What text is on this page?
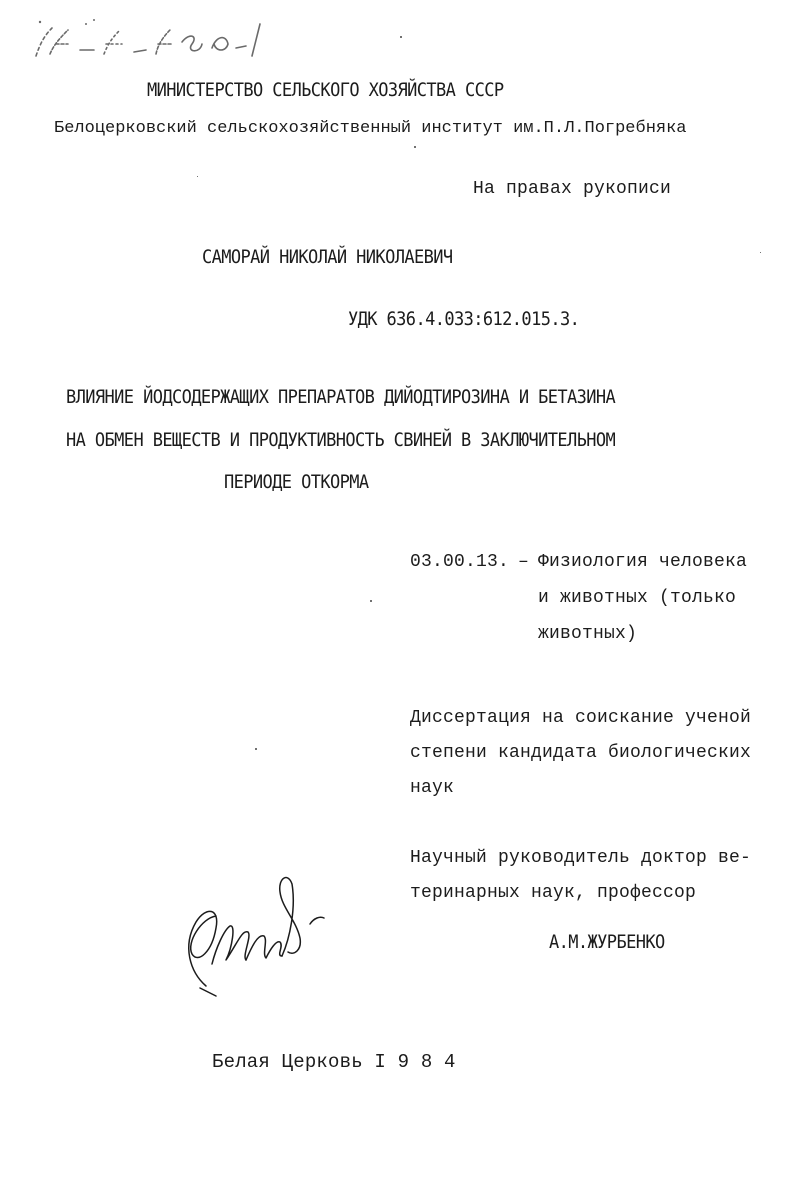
МИНИСТЕРСТВО СЕЛЬСКОГО ХОЗЯЙСТВА СССР
Белоцерковский сельскохозяйственный институт им.П.Л.Погребняка
На правах рукописи
САМОРАЙ НИКОЛАЙ НИКОЛАЕВИЧ
УДК 636.4.033:612.015.3.
ВЛИЯНИЕ ЙОДСОДЕРЖАЩИХ ПРЕПАРАТОВ ДИЙОДТИРОЗИНА И БЕТАЗИНА
НА ОБМЕН ВЕЩЕСТВ И ПРОДУКТИВНОСТЬ СВИНЕЙ В ЗАКЛЮЧИТЕЛЬНОМ
ПЕРИОДЕ ОТКОРМА
03.00.13. – Физиология человека
и животных (только
животных)
Диссертация на соискание ученой
степени кандидата биологических
наук
Научный руководитель доктор ве-
теринарных наук, профессор
А.М.ЖУРБЕНКО
Белая Церковь I 9 8 4
